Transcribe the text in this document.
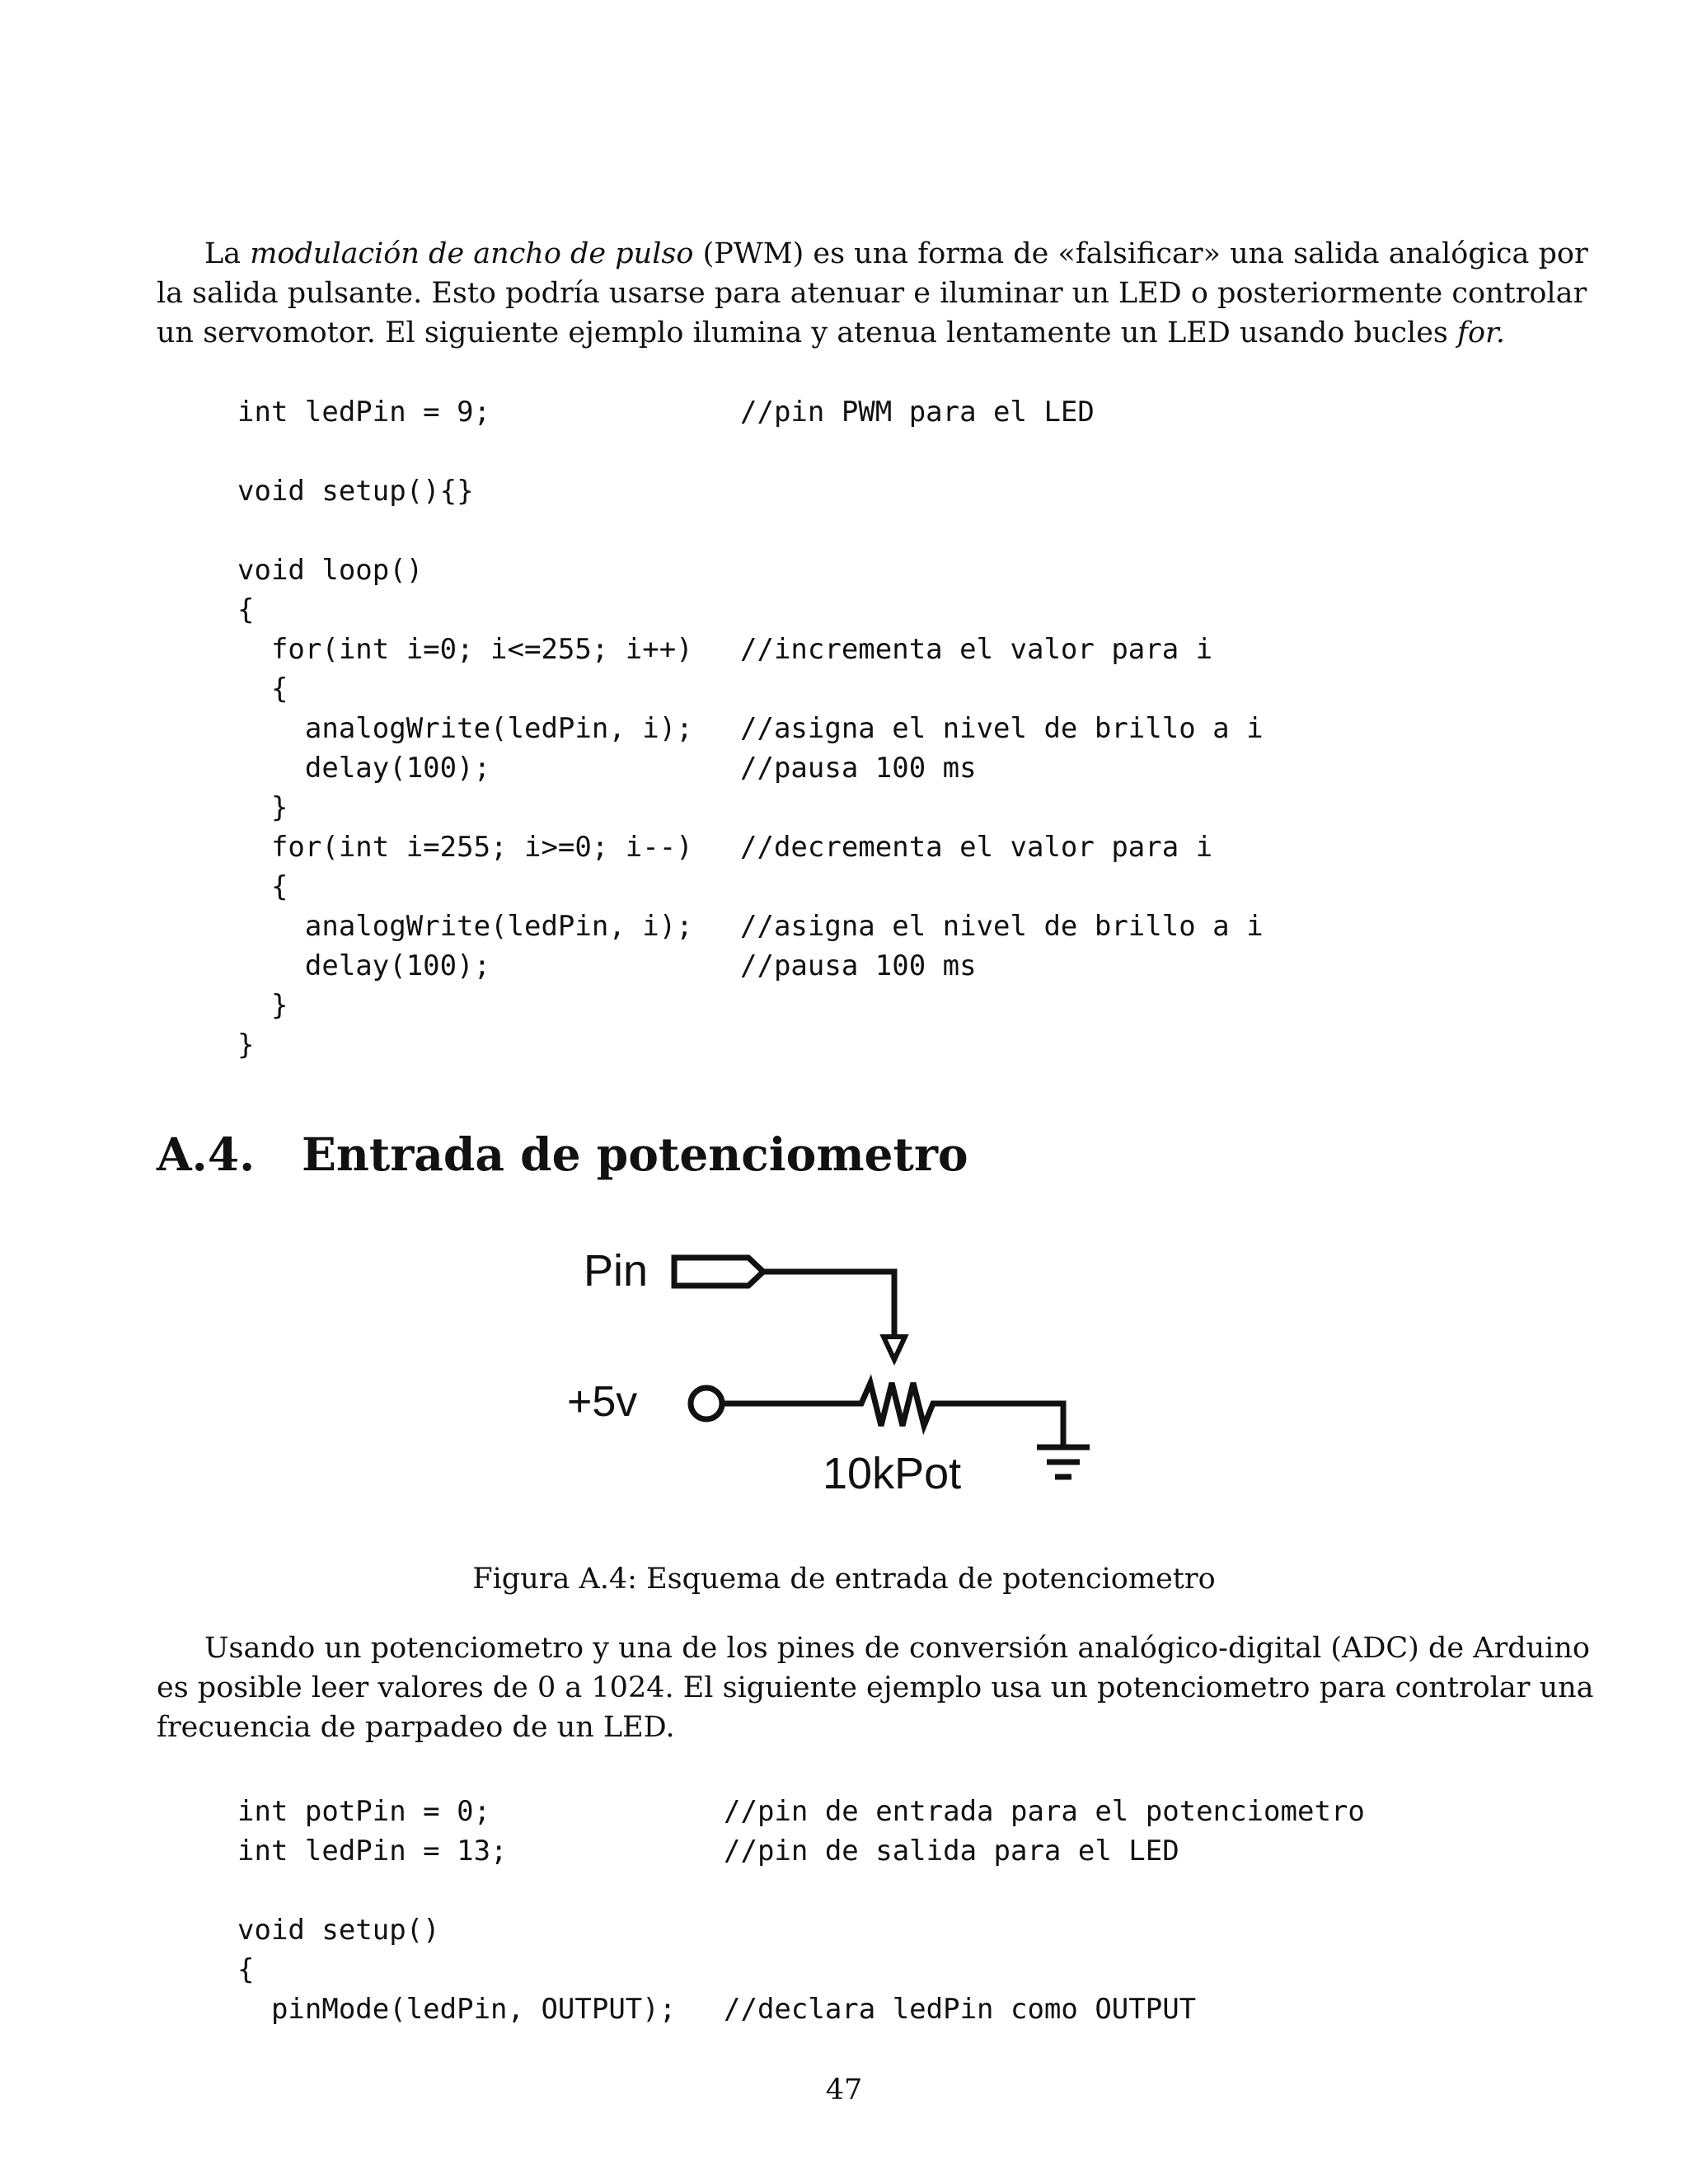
La modulación de ancho de pulso (PWM) es una forma de «falsificar» una salida analógica por
la salida pulsante. Esto podría usarse para atenuar e iluminar un LED o posteriormente controlar
un servomotor. El siguiente ejemplo ilumina y atenua lentamente un LED usando bucles for.

int ledPin = 9;	//pin PWM para el LED
void setup(){}
void loop()
{
for(int i=0; i<=255; i++) //incrementa el valor para i
{
analogWrite(ledPin, i); //asigna el nivel de brillo a i
delay(100);	//pausa 100 ms
}
for(int i=255; i>=0; i--) //decrementa el valor para i
{
analogWrite(ledPin, i); //asigna el nivel de brillo a i
delay(100);	//pausa 100 ms
}
}
A.4. Entrada de potenciometro
Pin
+5v
10kPot

Figura A.4: Esquema de entrada de potenciometro

Usando un potenciometro y una de los pines de conversión analógico-digital (ADC) de Arduino
es posible leer valores de 0 a 1024. El siguiente ejemplo usa un potenciometro para controlar una
frecuencia de parpadeo de un LED.

int potPin = 0;	//pin de entrada para el potenciometro
int ledPin = 13;	//pin de salida para el LED
void setup()
{
pinMode(ledPin, OUTPUT); //declara ledPin como OUTPUT

47
